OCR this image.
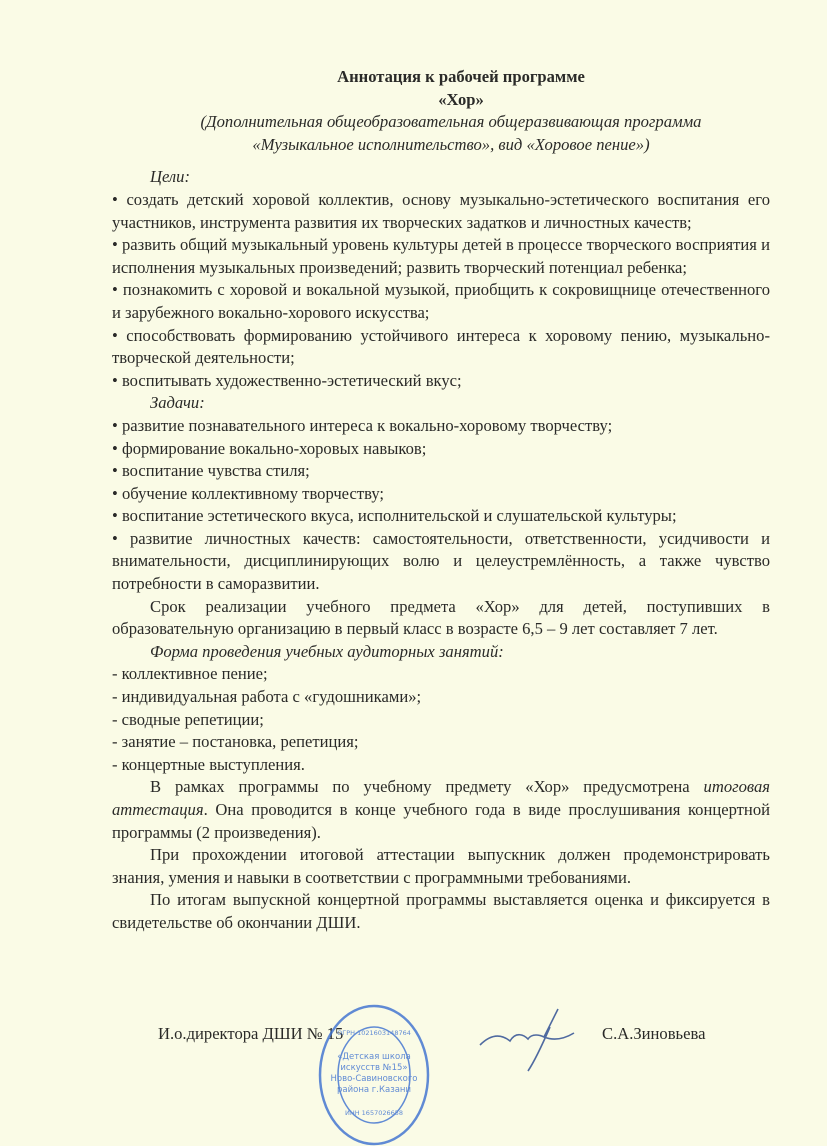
Аннотация к рабочей программе
«Хор»
(Дополнительная общеобразовательная общеразвивающая программа
«Музыкальное исполнительство», вид «Хоровое пение»)
Цели:
• создать детский хоровой коллектив, основу музыкально-эстетического воспитания его участников, инструмента развития их творческих задатков и личностных качеств;
• развить общий музыкальный уровень культуры детей в процессе творческого восприятия и исполнения музыкальных произведений; развить творческий потенциал ребенка;
• познакомить с хоровой и вокальной музыкой, приобщить к сокровищнице отечественного и зарубежного вокально-хорового искусства;
• способствовать формированию устойчивого интереса к хоровому пению, музыкально-творческой деятельности;
• воспитывать художественно-эстетический вкус;
Задачи:
• развитие познавательного интереса к вокально-хоровому творчеству;
• формирование вокально-хоровых навыков;
• воспитание чувства стиля;
• обучение коллективному творчеству;
• воспитание эстетического вкуса, исполнительской и слушательской культуры;
• развитие личностных качеств: самостоятельности, ответственности, усидчивости и внимательности, дисциплинирующих волю и целеустремлённость, а также чувство потребности в саморазвитии.
Срок реализации учебного предмета «Хор» для детей, поступивших в образовательную организацию в первый класс в возрасте 6,5 – 9 лет составляет 7 лет.
Форма проведения учебных аудиторных занятий:
- коллективное пение;
- индивидуальная работа с «гудошниками»;
- сводные репетиции;
- занятие – постановка, репетиция;
- концертные выступления.
В рамках программы по учебному предмету «Хор» предусмотрена итоговая аттестация. Она проводится в конце учебного года в виде прослушивания концертной программы (2 произведения).
При прохождении итоговой аттестации выпускник должен продемонстрировать знания, умения и навыки в соответствии с программными требованиями.
По итогам выпускной концертной программы выставляется оценка и фиксируется в свидетельстве об окончании ДШИ.
И.о.директора ДШИ № 15	С.А.Зиновьева
«Детская школа
искусств №15»
Ново-Савиновского
района г.Казани
ОГРН 1021603148764
ИНН 1657026658
